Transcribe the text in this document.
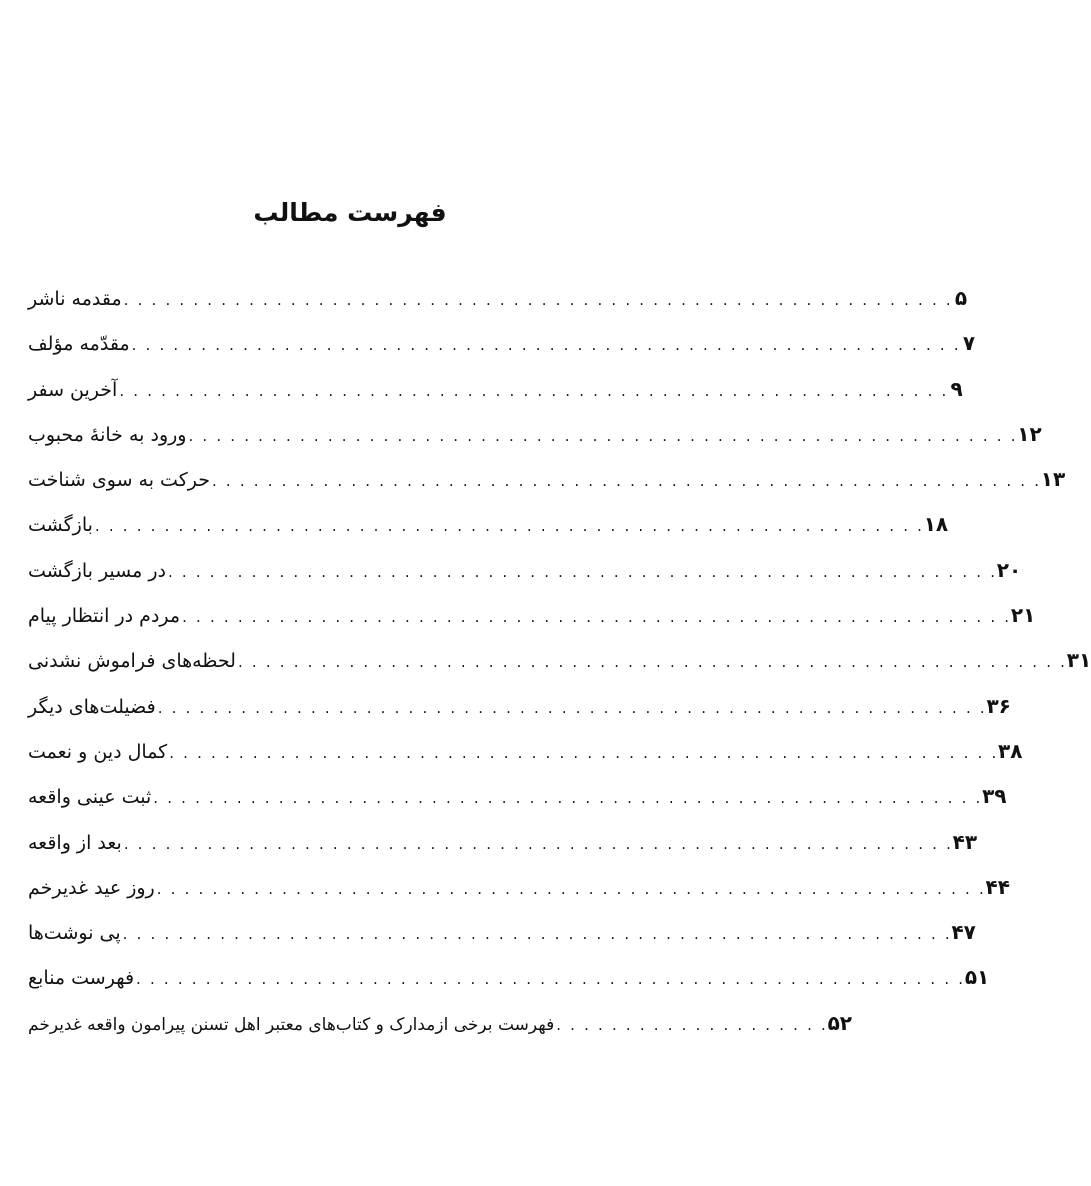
فهرست مطالب
مقدمه ناشر . . . . . . . . . . . . . . . . . . . . . . . . . . . . . . . . . . . . . . . . . . . . . . . . . . . . . . . . . . . . ۵
مقدّمه مؤلف . . . . . . . . . . . . . . . . . . . . . . . . . . . . . . . . . . . . . . . . . . . . . . . . . . . . . . . . . . . . ۷
آخرین سفر . . . . . . . . . . . . . . . . . . . . . . . . . . . . . . . . . . . . . . . . . . . . . . . . . . . . . . . . . . . . ۹
ورود به خانۀ محبوب . . . . . . . . . . . . . . . . . . . . . . . . . . . . . . . . . . . . . . . . . . . . . . . . . . . . . . . . . . . . ۱۲
حرکت به سوی شناخت . . . . . . . . . . . . . . . . . . . . . . . . . . . . . . . . . . . . . . . . . . . . . . . . . . . . . . . . . . . . ۱۳
بازگشت . . . . . . . . . . . . . . . . . . . . . . . . . . . . . . . . . . . . . . . . . . . . . . . . . . . . . . . . . . . . ۱۸
در مسیر بازگشت . . . . . . . . . . . . . . . . . . . . . . . . . . . . . . . . . . . . . . . . . . . . . . . . . . . . . . . . . . . . ۲۰
مردم در انتظار پیام . . . . . . . . . . . . . . . . . . . . . . . . . . . . . . . . . . . . . . . . . . . . . . . . . . . . . . . . . . . . ۲۱
لحظه‌های فراموش نشدنی . . . . . . . . . . . . . . . . . . . . . . . . . . . . . . . . . . . . . . . . . . . . . . . . . . . . . . . . . . . . ۳۱
فضیلت‌های دیگر . . . . . . . . . . . . . . . . . . . . . . . . . . . . . . . . . . . . . . . . . . . . . . . . . . . . . . . . . . . . ۳۶
کمال دین و نعمت . . . . . . . . . . . . . . . . . . . . . . . . . . . . . . . . . . . . . . . . . . . . . . . . . . . . . . . . . . . . ۳۸
ثبت عینی واقعه . . . . . . . . . . . . . . . . . . . . . . . . . . . . . . . . . . . . . . . . . . . . . . . . . . . . . . . . . . . . ۳۹
بعد از واقعه . . . . . . . . . . . . . . . . . . . . . . . . . . . . . . . . . . . . . . . . . . . . . . . . . . . . . . . . . . . . ۴۳
روز عید غدیرخم . . . . . . . . . . . . . . . . . . . . . . . . . . . . . . . . . . . . . . . . . . . . . . . . . . . . . . . . . . . . ۴۴
پی نوشت‌ها . . . . . . . . . . . . . . . . . . . . . . . . . . . . . . . . . . . . . . . . . . . . . . . . . . . . . . . . . . . . ۴۷
فهرست منابع . . . . . . . . . . . . . . . . . . . . . . . . . . . . . . . . . . . . . . . . . . . . . . . . . . . . . . . . . . . . ۵۱
فهرست برخی ازمدارک و کتاب‌های معتبر اهل تسنن پیرامون واقعه غدیرخم . . . . . . . . . . . . . . . . . . . . ۵۲
